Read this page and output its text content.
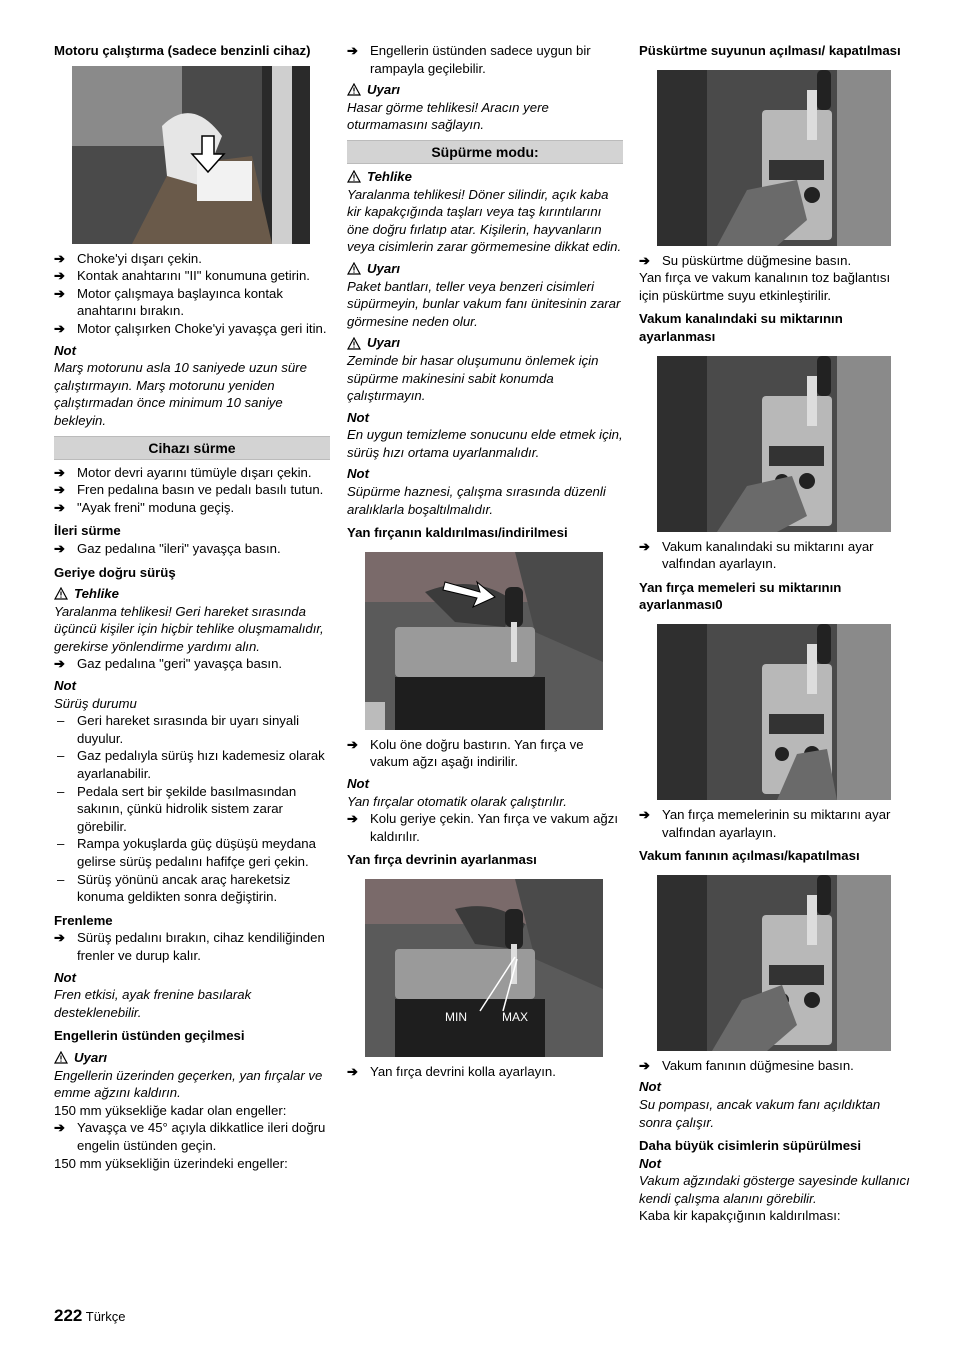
Motoru çalıştırma (sadece benzinli cihaz)

➔ Choke'yi dışarı çekin.

➔ Kontak anahtarını "II" konumuna getirin.

➔ Motor çalışmaya başlayınca kontak anahtarını bırakın.

➔ Motor çalışırken Choke'yi yavaşça geri itin.

Not

Marş motorunu asla 10 saniyede uzun süre çalıştırmayın. Marş motorunu yeniden çalıştırmadan önce minimum 10 saniye bekleyin.

Cihazı sürme

➔ Motor devri ayarını tümüyle dışarı çekin.

➔ Fren pedalına basın ve pedalı basılı tutun.

➔ "Ayak freni" moduna geçiş.

İleri sürme

➔ Gaz pedalına "ileri" yavaşça basın.

Geriye doğru sürüş

Tehlike

Yaralanma tehlikesi! Geri hareket sırasında üçüncü kişiler için hiçbir tehlike oluşmamalıdır, gerekirse yönlendirme yardımı alın.

➔ Gaz pedalına "geri" yavaşça basın.

Not

Sürüş durumu

– Geri hareket sırasında bir uyarı sinyali duyulur.

– Gaz pedalıyla sürüş hızı kademesiz olarak ayarlanabilir.

– Pedala sert bir şekilde basılmasından sakının, çünkü hidrolik sistem zarar görebilir.

– Rampa yokuşlarda güç düşüşü meydana gelirse sürüş pedalını hafifçe geri çekin.

– Sürüş yönünü ancak araç hareketsiz konuma geldikten sonra değiştirin.

Frenleme

➔ Sürüş pedalını bırakın, cihaz kendiliğinden frenler ve durup kalır.

Not

Fren etkisi, ayak frenine basılarak desteklenebilir.

Engellerin üstünden geçilmesi

Uyarı

Engellerin üzerinden geçerken, yan fırçalar ve emme ağzını kaldırın.

150 mm yüksekliğe kadar olan engeller:

➔ Yavaşça ve 45° açıyla dikkatlice ileri doğru engelin üstünden geçin.

150 mm yüksekliğin üzerindeki engeller:

➔ Engellerin üstünden sadece uygun bir rampayla geçilebilir.

Uyarı

Hasar görme tehlikesi! Aracın yere oturmamasını sağlayın.

Süpürme modu:

Tehlike

Yaralanma tehlikesi! Döner silindir, açık kaba kir kapakçığında taşları veya taş kırıntılarını öne doğru fırlatıp atar. Kişilerin, hayvanların veya cisimlerin zarar görmemesine dikkat edin.

Uyarı

Paket bantları, teller veya benzeri cisimleri süpürmeyin, bunlar vakum fanı ünitesinin zarar görmesine neden olur.

Uyarı

Zeminde bir hasar oluşumunu önlemek için süpürme makinesini sabit konumda çalıştırmayın.

Not

En uygun temizleme sonucunu elde etmek için, sürüş hızı ortama uyarlanmalıdır.

Not

Süpürme haznesi, çalışma sırasında düzenli aralıklarla boşaltılmalıdır.

Yan fırçanın kaldırılması/indirilmesi

➔ Kolu öne doğru bastırın. Yan fırça ve vakum ağzı aşağı indirilir.

Not

Yan fırçalar otomatik olarak çalıştırılır.

➔ Kolu geriye çekin. Yan fırça ve vakum ağzı kaldırılır.

Yan fırça devrinin ayarlanması

MIN	MAX

➔ Yan fırça devrini kolla ayarlayın.

Püskürtme suyunun açılması/ kapatılması

➔ Su püskürtme düğmesine basın.

Yan fırça ve vakum kanalının toz bağlantısı için püskürtme suyu etkinleştirilir.

Vakum kanalındaki su miktarının ayarlanması

➔ Vakum kanalındaki su miktarını ayar valfından ayarlayın.

Yan fırça memeleri su miktarının ayarlanması0

➔ Yan fırça memelerinin su miktarını ayar valfından ayarlayın.

Vakum fanının açılması/kapatılması

➔ Vakum fanının düğmesine basın.

Not

Su pompası, ancak vakum fanı açıldıktan sonra çalışır.

Daha büyük cisimlerin süpürülmesi

Not

Vakum ağzındaki gösterge sayesinde kullanıcı kendi çalışma alanını görebilir.

Kaba kir kapakçığının kaldırılması:

222 Türkçe
